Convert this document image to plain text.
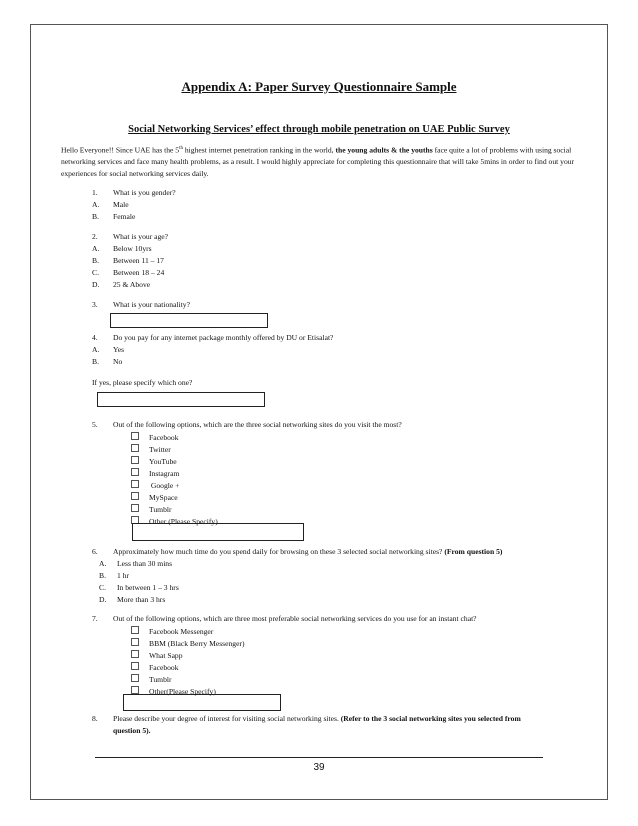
Appendix A: Paper Survey Questionnaire Sample
Social Networking Services’ effect through mobile penetration on UAE Public Survey
Hello Everyone!! Since UAE has the 5th highest internet penetration ranking in the world, the young adults & the youths face quite a lot of problems with using social networking services and face many health problems, as a result. I would highly appreciate for completing this questionnaire that will take 5mins in order to find out your experiences for social networking services daily.
1. What is you gender?
A. Male
B. Female
2. What is your age?
A. Below 10yrs
B. Between 11 – 17
C. Between 18 – 24
D. 25 & Above
3. What is your nationality?
4. Do you pay for any internet package monthly offered by DU or Etisalat?
A. Yes
B. No
If yes, please specify which one?
5. Out of the following options, which are the three social networking sites do you visit the most?
Facebook
Twitter
YouTube
Instagram
Google +
MySpace
Tumblr
Other (Please Specify)
6. Approximately how much time do you spend daily for browsing on these 3 selected social networking sites? (From question 5)
A. Less than 30 mins
B. 1 hr
C. In between 1 – 3 hrs
D. More than 3 hrs
7. Out of the following options, which are three most preferable social networking services do you use for an instant chat?
Facebook Messenger
BBM (Black Berry Messenger)
What Sapp
Facebook
Tumblr
Other(Please Specify)
8. Please describe your degree of interest for visiting social networking sites. (Refer to the 3 social networking sites you selected from
question 5).
39
